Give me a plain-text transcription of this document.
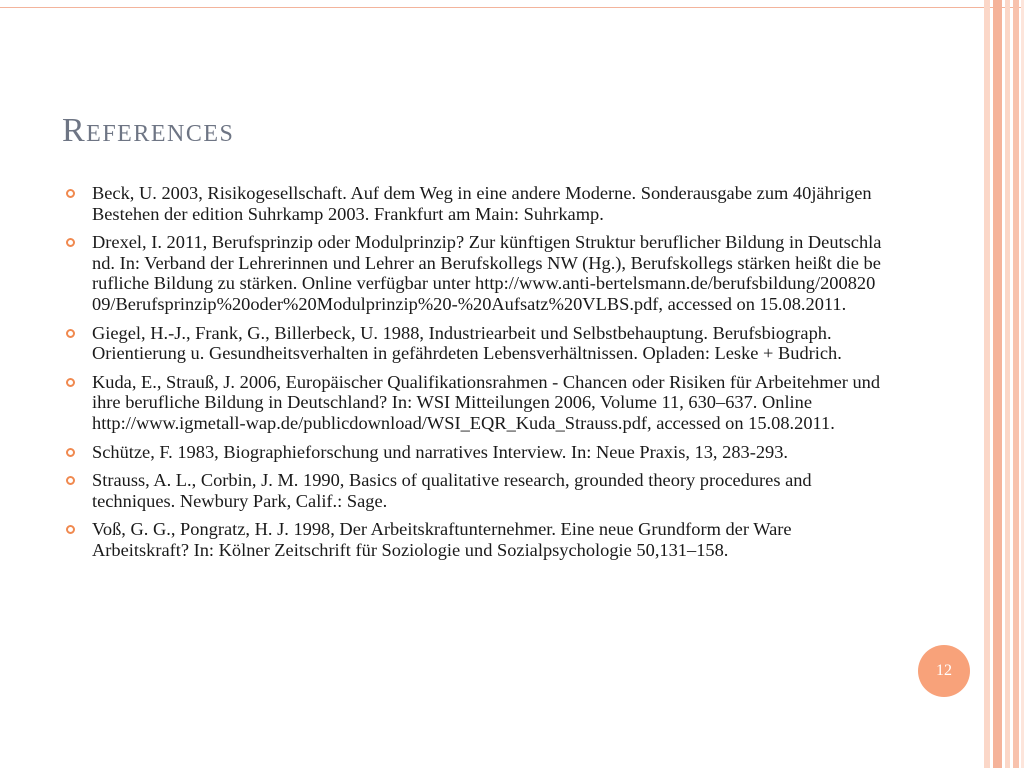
References
Beck, U. 2003, Risikogesellschaft. Auf dem Weg in eine andere Moderne. Sonderausgabe zum 40jährigen Bestehen der edition Suhrkamp 2003. Frankfurt am Main: Suhrkamp.
Drexel, I. 2011, Berufsprinzip oder Modulprinzip? Zur künftigen Struktur beruflicher Bildung in Deutschland. In: Verband der Lehrerinnen und Lehrer an Berufskollegs NW (Hg.), Berufskollegs stärken heißt die berufliche Bildung zu stärken. Online verfügbar unter http://www.anti-bertelsmann.de/berufsbildung/20082009/Berufsprinzip%20oder%20Modulprinzip%20-%20Aufsatz%20VLBS.pdf, accessed on 15.08.2011.
Giegel, H.-J., Frank, G., Billerbeck, U. 1988, Industriearbeit und Selbstbehauptung. Berufsbiograph. Orientierung u. Gesundheitsverhalten in gefährdeten Lebensverhältnissen. Opladen: Leske + Budrich.
Kuda, E., Strauß, J. 2006, Europäischer Qualifikationsrahmen - Chancen oder Risiken für Arbeitehmer und ihre berufliche Bildung in Deutschland? In: WSI Mitteilungen 2006, Volume 11, 630–637. Online http://www.igmetall-wap.de/publicdownload/WSI_EQR_Kuda_Strauss.pdf, accessed on 15.08.2011.
Schütze, F. 1983, Biographieforschung und narratives Interview. In: Neue Praxis, 13, 283-293.
Strauss, A. L., Corbin, J. M. 1990, Basics of qualitative research, grounded theory procedures and techniques. Newbury Park, Calif.: Sage.
Voß, G. G., Pongratz, H. J. 1998, Der Arbeitskraftunternehmer. Eine neue Grundform der Ware Arbeitskraft? In: Kölner Zeitschrift für Soziologie und Sozialpsychologie 50,131–158.
12
